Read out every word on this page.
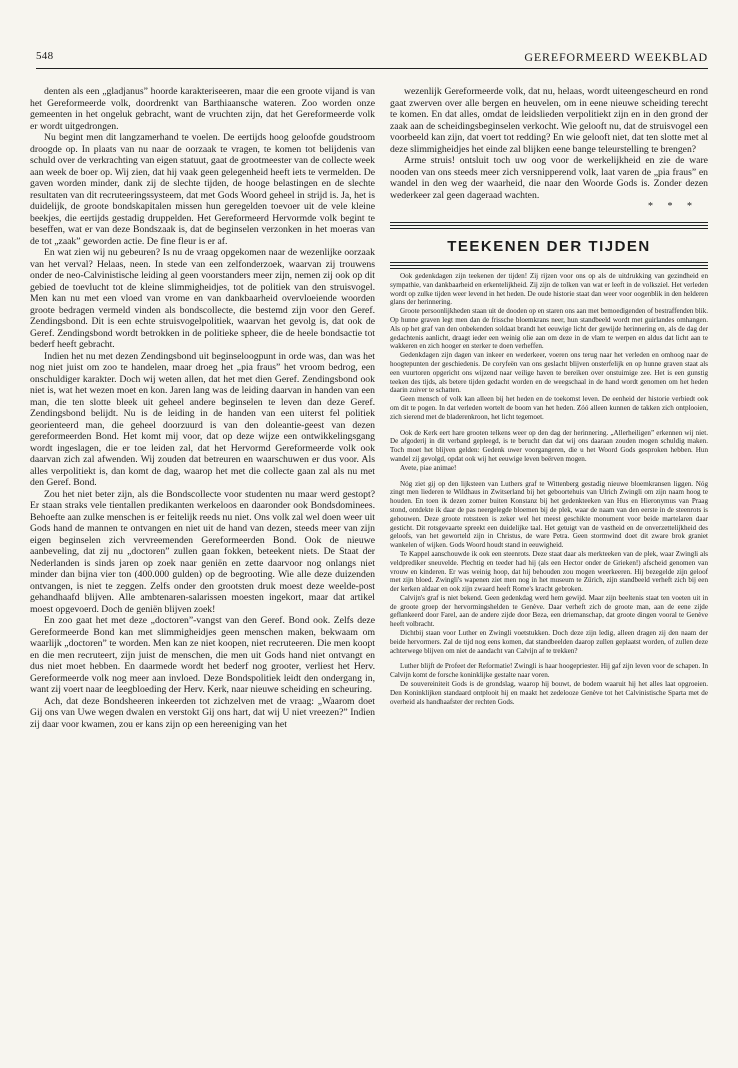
548	GEREFORMEERD WEEKBLAD

denten als een „gladjanus” hoorde karakteriseeren, maar die een groote vijand is van het Gereformeerde volk, doordrenkt van Barthiaansche wateren. Zoo worden onze gemeenten in het ongeluk gebracht, want de vruchten zijn, dat het Gereformeerde volk er wordt uitgedrongen.

Nu begint men dit langzamerhand te voelen. De eertijds hoog geloofde goudstroom droogde op. In plaats van nu naar de oorzaak te vragen, te komen tot belijdenis van schuld over de verkrachting van eigen statuut, gaat de grootmeester van de collecte week aan week de boer op. Wij zien, dat hij vaak geen gelegenheid heeft iets te vermelden. De gaven worden minder, dank zij de slechte tijden, de hooge belastingen en de slechte resultaten van dit recruteeringssysteem, dat met Gods Woord geheel in strijd is. Ja, het is duidelijk, de groote bondskapitalen missen hun geregelden toevoer uit de vele kleine beekjes, die eertijds gestadig druppelden. Het Gereformeerd Hervormde volk begint te beseffen, wat er van deze Bondszaak is, dat de beginselen verzonken in het moeras van de tot „zaak” geworden actie. De fine fleur is er af.

En wat zien wij nu gebeuren? Is nu de vraag opgekomen naar de wezenlijke oorzaak van het verval? Helaas, neen. In stede van een zelfonderzoek, waarvan zij trouwens onder de neo-Calvinistische leiding al geen voorstanders meer zijn, nemen zij ook op dit gebied de toevlucht tot de kleine slimmigheidjes, tot de politiek van den struisvogel. Men kan nu met een vloed van vrome en van dankbaarheid overvloeiende woorden groote bedragen vermeld vinden als bondscollecte, die bestemd zijn voor den Geref. Zendingsbond. Dit is een echte struisvogelpolitiek, waarvan het gevolg is, dat ook de Geref. Zendingsbond wordt betrokken in de politieke spheer, die de heele bondsactie tot bederf heeft gebracht.

Indien het nu met dezen Zendingsbond uit beginseloogpunt in orde was, dan was het nog niet juist om zoo te handelen, maar droeg het „pia fraus” het vroom bedrog, een onschuldiger karakter. Doch wij weten allen, dat het met dien Geref. Zendingsbond ook niet is, wat het wezen moet en kon. Jaren lang was de leiding daarvan in handen van een man, die ten slotte bleek uit geheel andere beginselen te leven dan deze Geref. Zendingsbond belijdt. Nu is de leiding in de handen van een uiterst fel politiek georienteerd man, die geheel doorzuurd is van den doleantie-geest van dezen gereformeerden Bond. Het komt mij voor, dat op deze wijze een ontwikkelingsgang wordt ingeslagen, die er toe leiden zal, dat het Hervormd Gereformeerde volk ook daarvan zich zal afwenden. Wij zouden dat betreuren en waarschuwen er dus voor. Als alles verpolitiekt is, dan komt de dag, waarop het met die collecte gaan zal als nu met den Geref. Bond.

Zou het niet beter zijn, als die Bondscollecte voor studenten nu maar werd gestopt? Er staan straks vele tientallen predikanten werkeloos en daaronder ook Bondsdominees. Behoefte aan zulke menschen is er feitelijk reeds nu niet. Ons volk zal wel doen weer uit Gods hand de mannen te ontvangen en niet uit de hand van dezen, steeds meer van zijn eigen beginselen zich vervreemenden Gereformeerden Bond. Ook de nieuwe aanbeveling, dat zij nu „doctoren” zullen gaan fokken, beteekent niets. De Staat der Nederlanden is sinds jaren op zoek naar geniën en zette daarvoor nog onlangs niet minder dan bijna vier ton (400.000 gulden) op de begrooting. Wie alle deze duizenden ontvangen, is niet te zeggen. Zelfs onder den grootsten druk moest deze weelde-post gehandhaafd blijven. Alle ambtenaren-salarissen moesten ingekort, maar dat artikel moest opgevoerd. Doch de geniën blijven zoek!

En zoo gaat het met deze „doctoren”-vangst van den Geref. Bond ook. Zelfs deze Gereformeerde Bond kan met slimmigheidjes geen menschen maken, bekwaam om waarlijk „doctoren” te worden. Men kan ze niet koopen, niet recruteeren. Die men koopt en die men recruteert, zijn juist de menschen, die men uit Gods hand niet ontvangt en dus niet moet hebben. En daarmede wordt het bederf nog grooter, verliest het Herv. Gereformeerde volk nog meer aan invloed. Deze Bondspolitiek leidt den ondergang in, want zij voert naar de leegbloeding der Herv. Kerk, naar nieuwe scheiding en scheuring.

Ach, dat deze Bondsheeren inkeerden tot zichzelven met de vraag: „Waarom doet Gij ons van Uwe wegen dwalen en verstokt Gij ons hart, dat wij U niet vreezen?” Indien zij daar voor kwamen, zou er kans zijn op een hereeniging van het

wezenlijk Gereformeerde volk, dat nu, helaas, wordt uiteengescheurd en rond gaat zwerven over alle bergen en heuvelen, om in eene nieuwe scheiding terecht te komen. En dat alles, omdat de leidslieden verpolitiekt zijn en in den grond der zaak aan de scheidingsbeginselen verkocht. Wie gelooft nu, dat de struisvogel een voorbeeld kan zijn, dat voert tot redding? En wie gelooft niet, dat ten slotte met al deze slimmigheidjes het einde zal blijken eene bange teleurstelling te brengen?

Arme struis! ontsluit toch uw oog voor de werkelijkheid en zie de ware nooden van ons steeds meer zich versnipperend volk, laat varen de „pia fraus” en wandel in den weg der waarheid, die naar den Woorde Gods is. Zonder dezen wederkeer zal geen dageraad wachten.

* * *
TEEKENEN DER TIJDEN

Ook gedenkdagen zijn teekenen der tijden! Zij rijzen voor ons op als de uitdrukking van gezindheid en sympathie, van dankbaarheid en erkentelijkheid. Zij zijn de tolken van wat er leeft in de volksziel. Het verleden wordt op zulke tijden weer levend in het heden. De oude historie staat dan weer voor oogenblik in den helderen glans der herinnering.

Groote persoonlijkheden staan uit de dooden op en staren ons aan met bemoedigenden of bestraffenden blik. Op hunne graven legt men dan de frissche bloemkrans neer, hun standbeeld wordt met guirlandes omhangen. Als op het graf van den onbekenden soldaat brandt het eeuwige licht der gewijde herinnering en, als de dag der gedachtenis aanlicht, draagt ieder een weinig olie aan om deze in de vlam te werpen en aldus dat licht aan te wakkeren en zich hooger en sterker te doen verheffen.

Gedenkdagen zijn dagen van inkeer en wederkeer, voeren ons terug naar het verleden en omhoog naar de hoogtepunten der geschiedenis. De coryfeën van ons geslacht blijven onsterfelijk en op hunne graven staat als een vuurtoren opgericht ons wijzend naar veilige haven te bereiken over onstuimige zee. Het is een gunstig teeken des tijds, als betere tijden gedacht worden en de weegschaal in de hand wordt genomen om het heden daarin zuiver te schatten.

Geen mensch of volk kan alleen bij het heden en de toekomst leven. De eenheid der historie verbiedt ook om dit te pogen. In dat verleden wortelt de boom van het heden. Zóó alleen kunnen de takken zich ontplooien, zich sierend met de bladerenkroon, het licht tegemoet.

Ook de Kerk eert hare grooten telkens weer op den dag der herinnering. „Allerheiligen” erkennen wij niet. De afgoderij in dit verband gepleegd, is te berucht dan dat wij ons daaraan zouden mogen schuldig maken. Toch moet het blijven gelden: Gedenk uwer voorgangeren, die u het Woord Gods gesproken hebben. Hun wandel zij gevolgd, opdat ook wij het eeuwige leven beërven mogen.

Avete, piae animae!

Nóg ziet gij op den lijksteen van Luthers graf te Wittenberg gestadig nieuwe bloemkransen liggen. Nóg zingt men liederen te Wildhaus in Zwitserland bij het geboortehuis van Ulrich Zwingli om zijn naam hoog te houden. En toen ik dezen zomer buiten Konstanz bij het gedenkteeken van Hus en Hieronymus van Praag stond, ontdekte ik daar de pas neergelegde bloemen bij de plek, waar de naam van den eerste in de steenrots is gehouwen. Deze groote rotssteen is zeker wel het meest geschikte monument voor beide martelaren daar gesticht. Dit rotsgevaarte spreekt een duidelijke taal. Het getuigt van de vastheid en de onverzettelijkheid des geloofs, van het geworteld zijn in Christus, de ware Petra. Geen stormwind doet dit zware brok graniet wankelen of wijken. Gods Woord houdt stand in eeuwigheid.

Te Kappel aanschouwde ik ook een steenrots. Deze staat daar als merkteeken van de plek, waar Zwingli als veldprediker sneuvelde. Plechtig en teeder had hij (als een Hector onder de Grieken!) afscheid genomen van vrouw en kinderen. Er was weinig hoop, dat hij behouden zou mogen weerkeeren. Hij bezegelde zijn geloof met zijn bloed. Zwingli's wapenen ziet men nog in het museum te Zürich, zijn standbeeld verheft zich bij een der kerken aldaar en ook zijn zwaard heeft Rome's kracht gebroken.

Calvijn's graf is niet bekend. Geen gedenkdag werd hem gewijd. Maar zijn beeltenis staat ten voeten uit in de groote groep der hervormingshelden te Genève. Daar verheft zich de groote man, aan de eene zijde geflankeerd door Farel, aan de andere zijde door Beza, een driemanschap, dat groote dingen vooral te Genève heeft volbracht.

Dichtbij staan voor Luther en Zwingli voetstukken. Doch deze zijn ledig, alleen dragen zij den naam der beide hervormers. Zal de tijd nog eens komen, dat standbeelden daarop zullen geplaatst worden, of zullen deze achterwege blijven om niet de aandacht van Calvijn af te trekken?

Luther blijft de Profeet der Reformatie! Zwingli is haar hoogepriester. Hij gaf zijn leven voor de schapen. In Calvijn komt de forsche koninklijke gestalte naar voren.

De souvereiniteit Gods is de grondslag, waarop hij bouwt, de bodem waaruit hij het alles laat opgroeien. Den Koninklijken standaard ontplooit hij en maakt het zedelooze Genève tot het Calvinistische Sparta met de overheid als handhaafster der rechten Gods.
